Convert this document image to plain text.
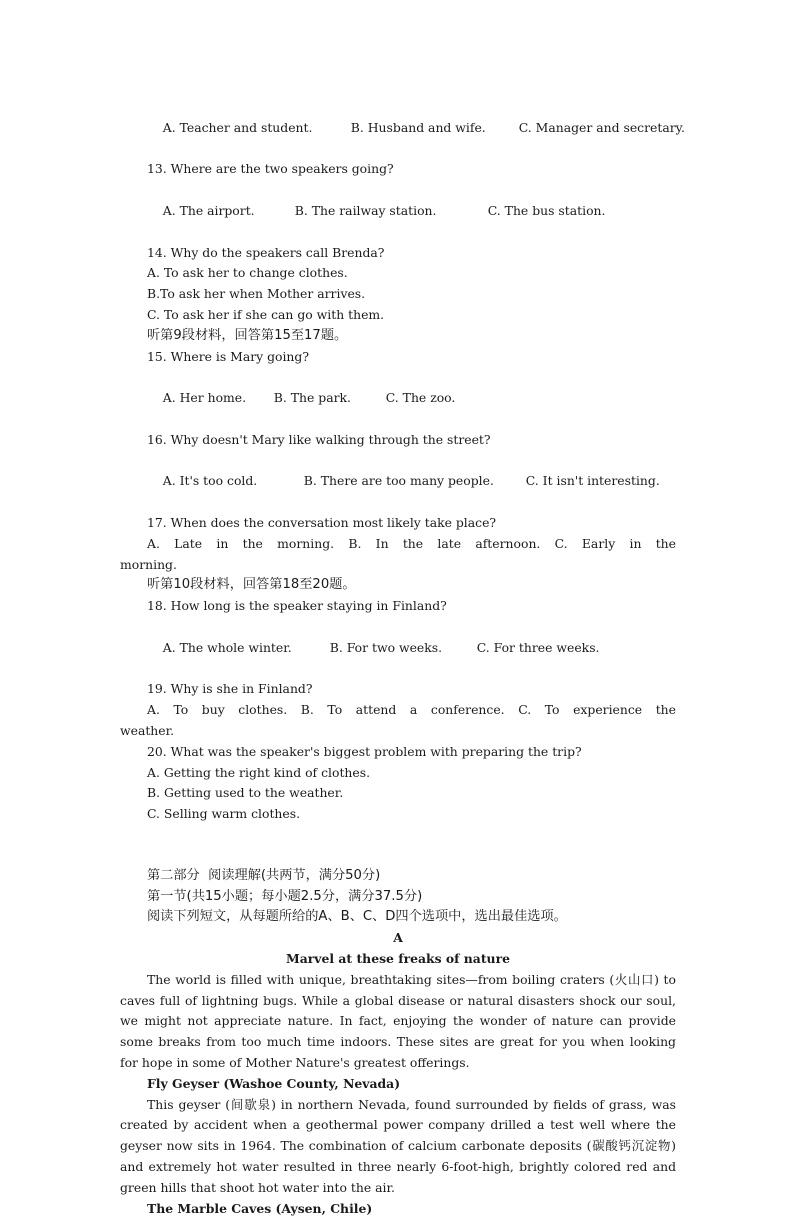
A. Teacher and student.	B. Husband and wife.	C. Manager and secretary.

13. Where are the two speakers going?

A. The airport.	B. The railway station.	C. The bus station.

14. Why do the speakers call Brenda?
A. To ask her to change clothes.
B.To ask her when Mother arrives.
C. To ask her if she can go with them.
听第9段材料，回答第15至17题。
15. Where is Mary going?

A. Her home. B. The park.	C. The zoo.

16. Why doesn't Mary like walking through the street?

A. It's too cold.	B. There are too many people.	C. It isn't interesting.

17. When does the conversation most likely take place?
A. Late in the morning. B. In the late afternoon. C. Early in the
morning.
听第10段材料，回答第18至20题。
18. How long is the speaker staying in Finland?

A. The whole winter.	B. For two weeks.	C. For three weeks.

19. Why is she in Finland?
A. To buy clothes. B. To attend a conference. C. To experience the
weather.
20. What was the speaker's biggest problem with preparing the trip?
A. Getting the right kind of clothes.
B. Getting used to the weather.
C. Selling warm clothes.
第二部分  阅读理解(共两节，满分50分)
第一节(共15小题；每小题2.5分，满分37.5分)
阅读下列短文，从每题所给的A、B、C、D四个选项中，选出最佳选项。
A
Marvel at these freaks of nature
The world is filled with unique, breathtaking sites—from boiling craters (火山口) to caves full of lightning bugs. While a global disease or natural disasters shock our soul, we might not appreciate nature. In fact, enjoying the wonder of nature can provide some breaks from too much time indoors. These sites are great for you when looking for hope in some of Mother Nature's greatest offerings.
Fly Geyser (Washoe County, Nevada)
This geyser (间歇泉) in northern Nevada, found surrounded by fields of grass, was created by accident when a geothermal power company drilled a test well where the geyser now sits in 1964. The combination of calcium carbonate deposits (碳酸钙沉淀物) and extremely hot water resulted in three nearly 6-foot-high, brightly colored red and green hills that shoot hot water into the air.
The Marble Caves (Aysen, Chile)
